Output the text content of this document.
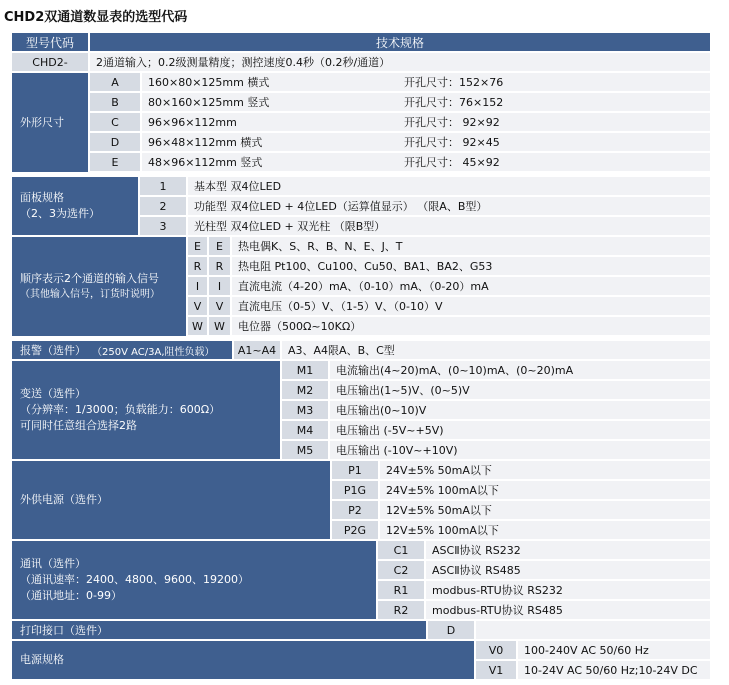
CHD2双通道数显表的选型代码
型号代码	技术规格
CHD2-	2通道输入；0.2级测量精度；测控速度0.4秒（0.2秒/通道）
外形尺寸
A	160×80×125mm 横式	开孔尺寸：152×76
B	80×160×125mm 竖式	开孔尺寸：76×152
C	96×96×112mm	开孔尺寸： 92×92
D	96×48×112mm 横式	开孔尺寸： 92×45
E	48×96×112mm 竖式	开孔尺寸： 45×92
面板规格
（2、3为选件）
1	基本型 双4位LED
2	功能型 双4位LED + 4位LED（运算值显示） （限A、B型）
3	光柱型 双4位LED + 双光柱 （限B型）
顺序表示2个通道的输入信号
（其他输入信号，订货时说明）
E	E	热电偶K、S、R、B、N、E、J、T
R	R	热电阻 Pt100、Cu100、Cu50、BA1、BA2、G53
I	I	直流电流（4-20）mA、（0-10）mA、（0-20）mA
V	V	直流电压（0-5）V、（1-5）V、（0-10）V
W	W	电位器（500Ω~10KΩ）
报警（选件） （250V AC/3A,阻性负载）	A1~A4	A3、A4限A、B、C型
变送（选件）
（分辨率：1/3000；负载能力：600Ω）
可同时任意组合选择2路
M1	电流输出(4~20)mA、(0~10)mA、(0~20)mA
M2	电压输出(1~5)V、(0~5)V
M3	电压输出(0~10)V
M4	电压输出 (-5V~+5V)
M5	电压输出 (-10V~+10V)
外供电源（选件）
P1	24V±5% 50mA以下
P1G	24V±5% 100mA以下
P2	12V±5% 50mA以下
P2G	12V±5% 100mA以下
通讯（选件）
（通讯速率：2400、4800、9600、19200）
（通讯地址：0-99）
C1	ASCⅡ协议 RS232
C2	ASCⅡ协议 RS485
R1	modbus-RTU协议 RS232
R2	modbus-RTU协议 RS485
打印接口（选件）	D
电源规格
V0	100-240V AC 50/60 Hz
V1	10-24V AC 50/60 Hz;10-24V DC
